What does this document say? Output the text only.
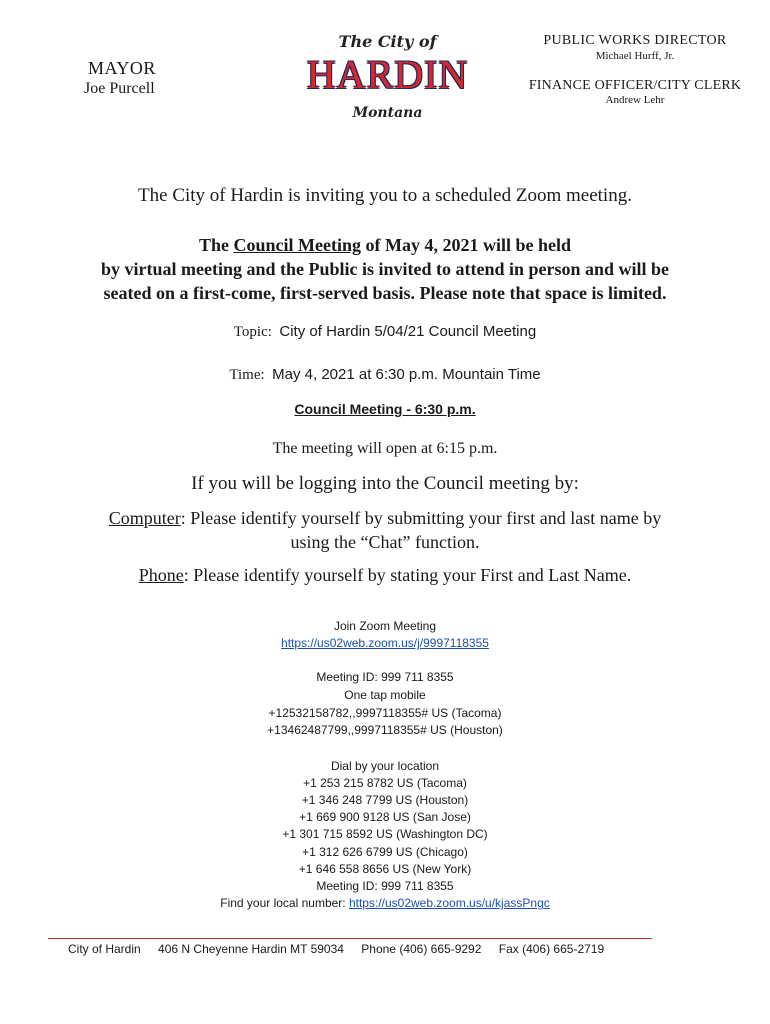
MAYOR
Joe Purcell
The City of
HARDIN
Montana
PUBLIC WORKS DIRECTOR
Michael Hurff, Jr.
FINANCE OFFICER/CITY CLERK
Andrew Lehr
The City of Hardin is inviting you to a scheduled Zoom meeting.
The Council Meeting of May 4, 2021 will be held
by virtual meeting and the Public is invited to attend in person and will be
seated on a first-come, first-served basis. Please note that space is limited.
Topic: City of Hardin 5/04/21 Council Meeting
Time: May 4, 2021 at 6:30 p.m. Mountain Time
Council Meeting - 6:30 p.m.
The meeting will open at 6:15 p.m.
If you will be logging into the Council meeting by:
Computer: Please identify yourself by submitting your first and last name by
using the “Chat” function.
Phone: Please identify yourself by stating your First and Last Name.
Join Zoom Meeting
https://us02web.zoom.us/j/9997118355
Meeting ID: 999 711 8355
One tap mobile
+12532158782,,9997118355# US (Tacoma)
+13462487799,,9997118355# US (Houston)
Dial by your location
+1 253 215 8782 US (Tacoma)
+1 346 248 7799 US (Houston)
+1 669 900 9128 US (San Jose)
+1 301 715 8592 US (Washington DC)
+1 312 626 6799 US (Chicago)
+1 646 558 8656 US (New York)
Meeting ID: 999 711 8355
Find your local number: https://us02web.zoom.us/u/kjassPngc
City of Hardin 406 N Cheyenne Hardin MT 59034 Phone (406) 665-9292 Fax (406) 665-2719
